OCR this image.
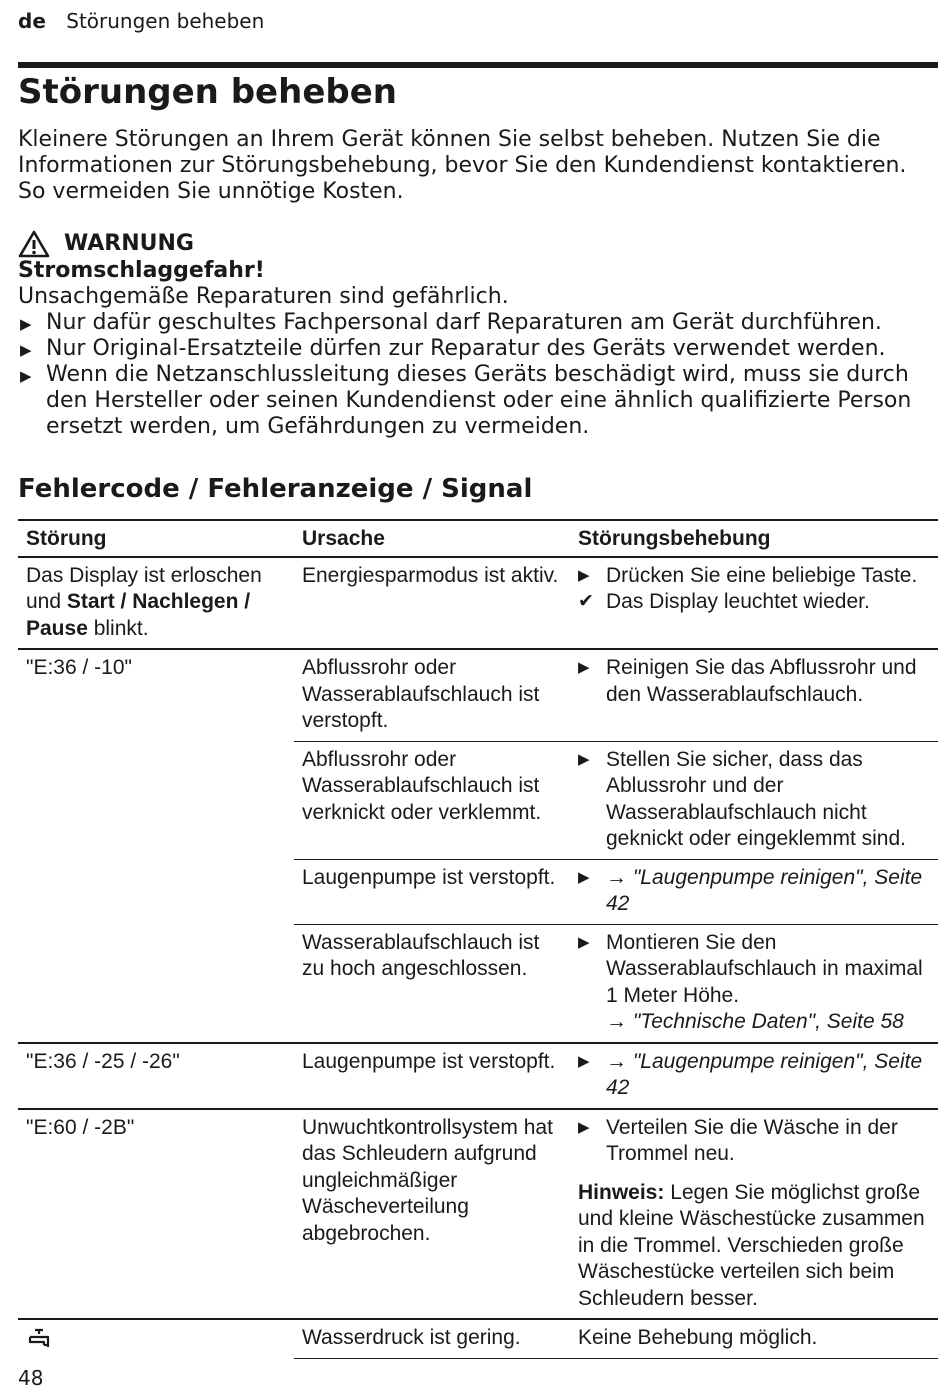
de Störungen beheben
Störungen beheben

Kleinere Störungen an Ihrem Gerät können Sie selbst beheben. Nutzen Sie die Informationen zur Störungsbehebung, bevor Sie den Kundendienst kontaktieren. So vermeiden Sie unnötige Kosten.

WARNUNG
Stromschlaggefahr!
Unsachgemäße Reparaturen sind gefährlich.
▶ Nur dafür geschultes Fachpersonal darf Reparaturen am Gerät durchführen.
▶ Nur Original-Ersatzteile dürfen zur Reparatur des Geräts verwendet werden.
▶ Wenn die Netzanschlussleitung dieses Geräts beschädigt wird, muss sie durch den Hersteller oder seinen Kundendienst oder eine ähnlich qualifizierte Person ersetzt werden, um Gefährdungen zu vermeiden.
Fehlercode / Fehleranzeige / Signal
Störung	Ursache	Störungsbehebung
Das Display ist erloschen und Start / Nachlegen / Pause blinkt.	Energiesparmodus ist aktiv.	▶ Drücken Sie eine beliebige Taste.
✔ Das Display leuchtet wieder.

"E:36 / -10"	Abflussrohr oder Wasserablaufschlauch ist verstopft.	▶ Reinigen Sie das Abflussrohr und den Wasserablaufschlauch.

	Abflussrohr oder Wasserablaufschlauch ist verknickt oder verklemmt.	▶ Stellen Sie sicher, dass das Ablussrohr und der Wasserablaufschlauch nicht geknickt oder eingeklemmt sind.

	Laugenpumpe ist verstopft.	▶ → "Laugenpumpe reinigen", Seite 42

	Wasserablaufschlauch ist zu hoch angeschlossen.	▶ Montieren Sie den Wasserablaufschlauch in maximal 1 Meter Höhe.
→ "Technische Daten", Seite 58

"E:36 / -25 / -26"	Laugenpumpe ist verstopft.	▶ → "Laugenpumpe reinigen", Seite 42

"E:60 / -2B"	Unwuchtkontrollsystem hat das Schleudern aufgrund ungleichmäßiger Wäscheverteilung abgebrochen.	▶ Verteilen Sie die Wäsche in der Trommel neu.
Hinweis: Legen Sie möglichst große und kleine Wäschestücke zusammen in die Trommel. Verschieden große Wäschestücke verteilen sich beim Schleudern besser.

	Wasserdruck ist gering.	Keine Behebung möglich.
48
